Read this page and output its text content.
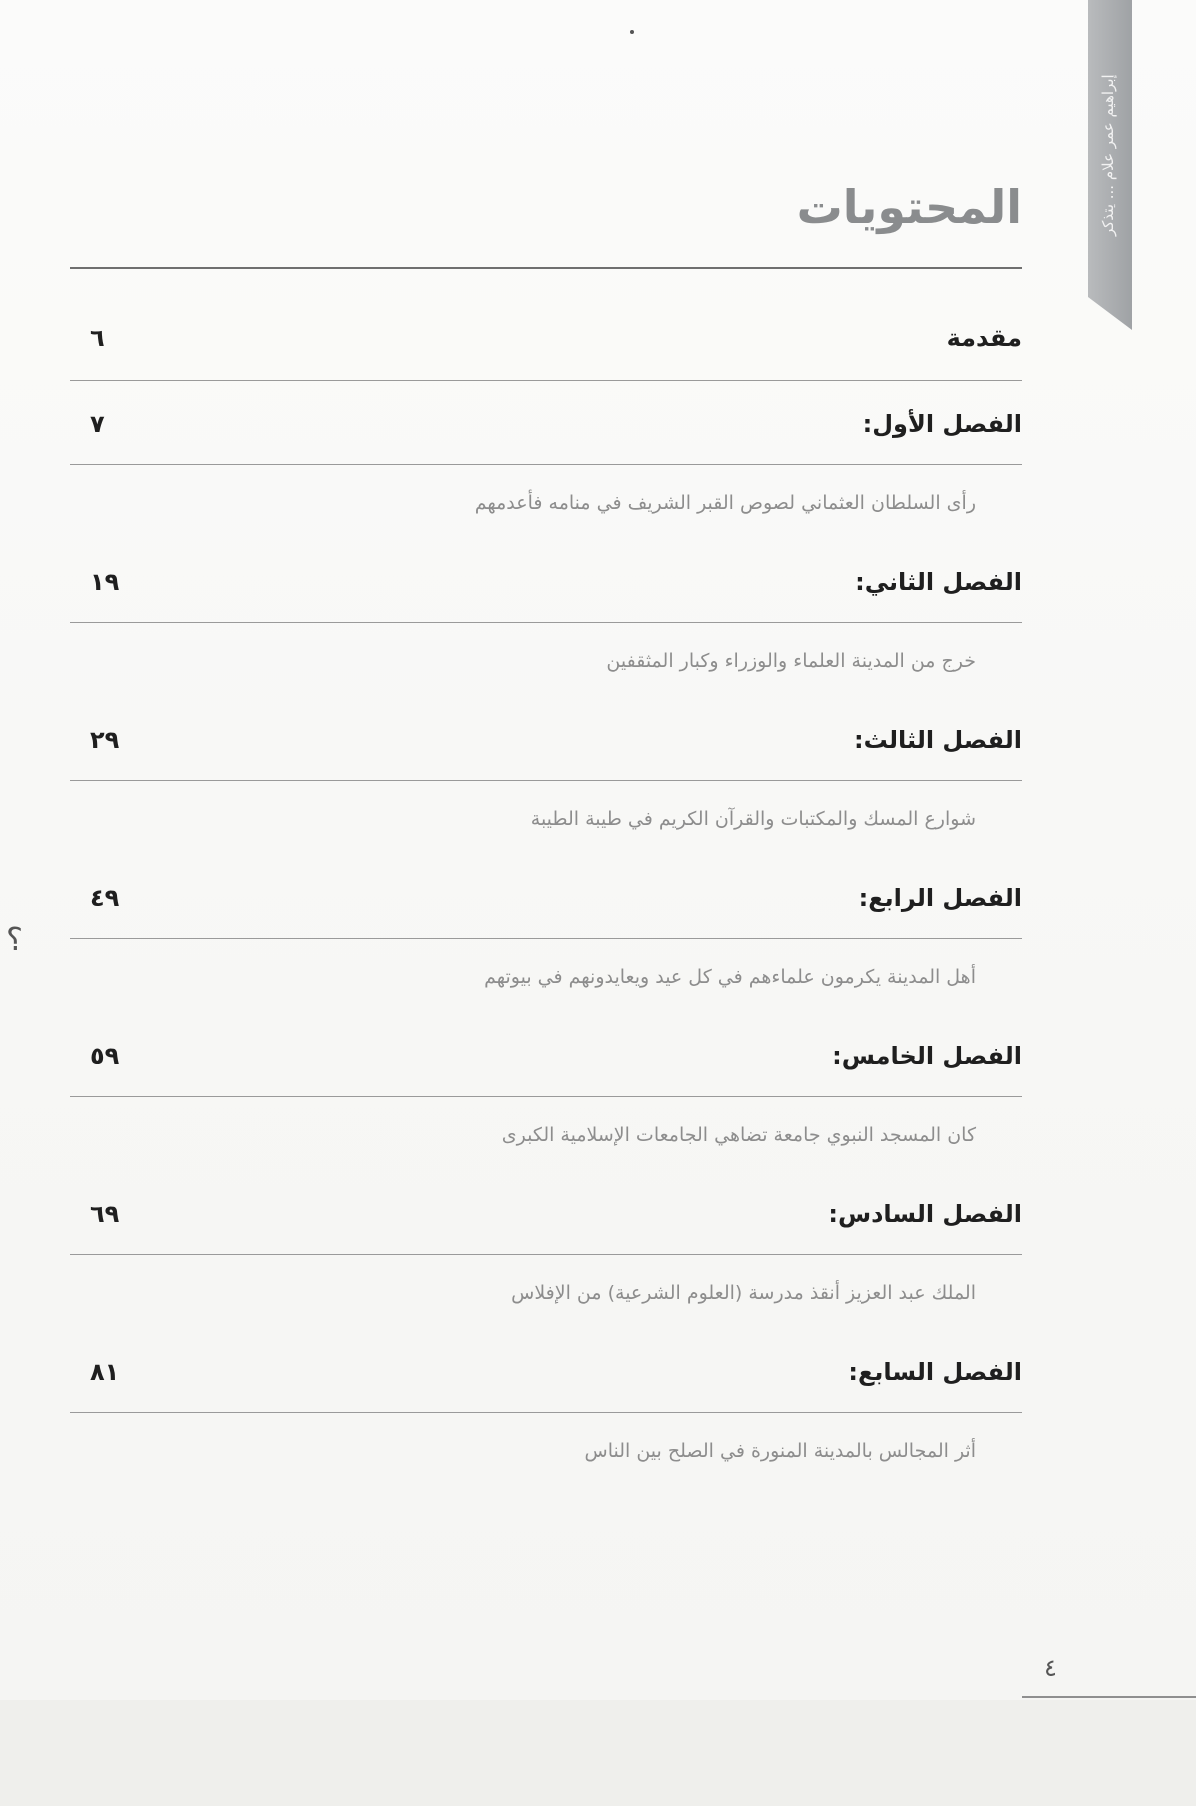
إبراهيم عمر علام ... يتذكر
المحتويات
مقدمة
٦
الفصل الأول:
٧
رأى السلطان العثماني لصوص القبر الشريف في منامه فأعدمهم
الفصل الثاني:
١٩
خرج من المدينة العلماء والوزراء وكبار المثقفين
الفصل الثالث:
٢٩
شوارع المسك والمكتبات والقرآن الكريم في طيبة الطيبة
الفصل الرابع:
٤٩
أهل المدينة يكرمون علماءهم في كل عيد ويعايدونهم في بيوتهم
الفصل الخامس:
٥٩
كان المسجد النبوي جامعة تضاهي الجامعات الإسلامية الكبرى
الفصل السادس:
٦٩
الملك عبد العزيز أنقذ مدرسة (العلوم الشرعية) من الإفلاس
الفصل السابع:
٨١
أثر المجالس بالمدينة المنورة في الصلح بين الناس
؟
٤
